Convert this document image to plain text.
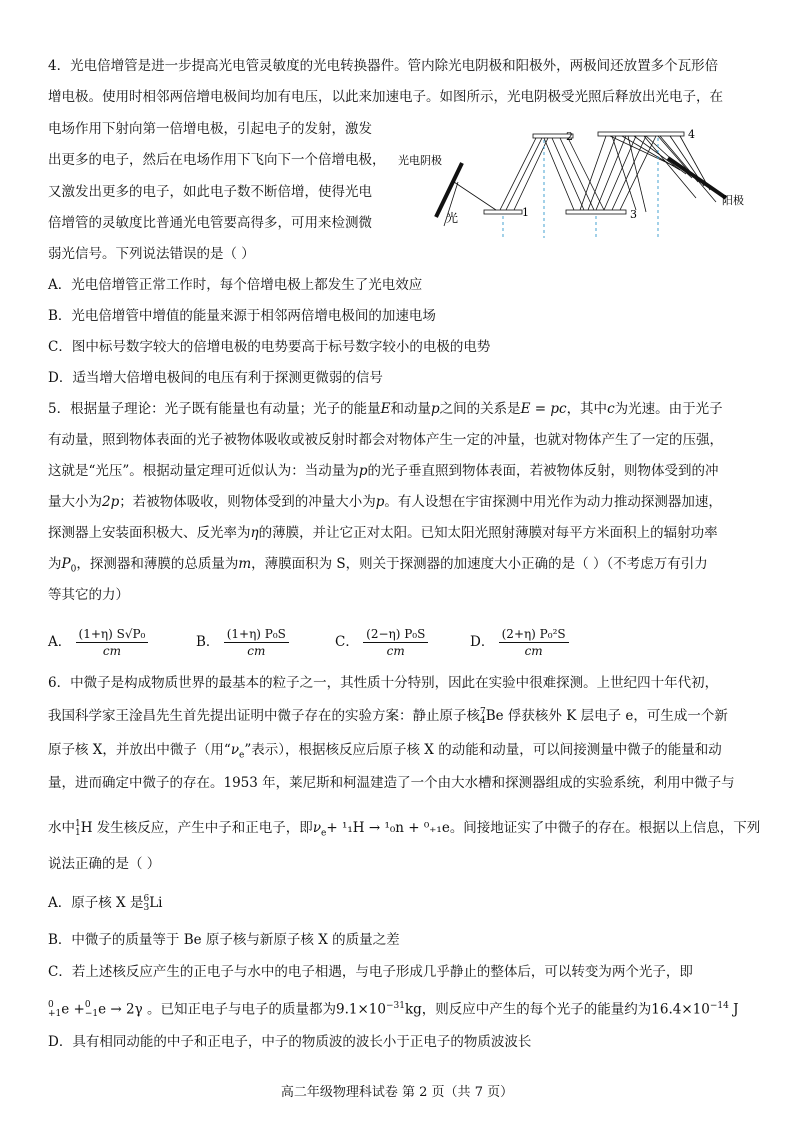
4．光电倍增管是进一步提高光电管灵敏度的光电转换器件。管内除光电阴极和阳极外，两极间还放置多个瓦形倍
增电极。使用时相邻两倍增电极间均加有电压，以此来加速电子。如图所示，光电阴极受光照后释放出光电子，在
电场作用下射向第一倍增电极，引起电子的发射，激发
出更多的电子，然后在电场作用下飞向下一个倍增电极，
又激发出更多的电子，如此电子数不断倍增，使得光电
倍增管的灵敏度比普通光电管要高得多，可用来检测微
弱光信号。下列说法错误的是（ ）
光电阴极
光	1
2
3
4
阳极
A．光电倍增管正常工作时，每个倍增电极上都发生了光电效应
B．光电倍增管中增值的能量来源于相邻两倍增电极间的加速电场
C．图中标号数字较大的倍增电极的电势要高于标号数字较小的电极的电势
D．适当增大倍增电极间的电压有利于探测更微弱的信号
5．根据量子理论：光子既有能量也有动量；光子的能量E和动量p之间的关系是E = pc，其中c为光速。由于光子
有动量，照到物体表面的光子被物体吸收或被反射时都会对物体产生一定的冲量，也就对物体产生了一定的压强，
这就是“光压”。根据动量定理可近似认为：当动量为p的光子垂直照到物体表面，若被物体反射，则物体受到的冲
量大小为2p；若被物体吸收，则物体受到的冲量大小为p。有人设想在宇宙探测中用光作为动力推动探测器加速，
探测器上安装面积极大、反光率为η的薄膜，并让它正对太阳。已知太阳光照射薄膜对每平方米面积上的辐射功率
为$P_0$，探测器和薄膜的总质量为m，薄膜面积为 S，则关于探测器的加速度大小正确的是（ ）（不考虑万有引力
等其它的力）
A． $\frac{\text{(1+η) S√P₀}}{cm}$	B． $\frac{\text{(1+η) P₀S}}{cm}$	C． $\frac{\text{(2−η) P₀S}}{cm}$	D． $\frac{\text{(2+η) P₀²S}}{cm}$
6．中微子是构成物质世界的最基本的粒子之一，其性质十分特别，因此在实验中很难探测。上世纪四十年代初，
我国科学家王淦昌先生首先提出证明中微子存在的实验方案：静止原子核 7
4 Be 俘获核外 K 层电子 e，可生成一个新
原子核 X，并放出中微子（用“$\nu_e$”表示），根据核反应后原子核 X 的动能和动量，可以间接测量中微子的能量和动
量，进而确定中微子的存在。1953 年，莱尼斯和柯温建造了一个由大水槽和探测器组成的实验系统，利用中微子与
水中 1
1 H 发生核反应，产生中子和正电子，即$\nu_e+ ^1_1H \to ^1_0n + ^0_{+1}e$。间接地证实了中微子的存在。根据以上信息，下列
说法正确的是（ ）
A．原子核 X 是 6
3 Li
B．中微子的质量等于 Be 原子核与新原子核 X 的质量之差
C．若上述核反应产生的正电子与水中的电子相遇，与电子形成几乎静止的整体后，可以转变为两个光子，即
0
+1 e + 0
−1 e → 2γ 。已知正电子与电子的质量都为$9.1\times 10^{-31}kg$，则反应中产生的每个光子的能量约为$16.4\times 10^{-14}$ J
D．具有相同动能的中子和正电子，中子的物质波的波长小于正电子的物质波波长
高二年级物理科试卷 第 2 页（共 7 页）
